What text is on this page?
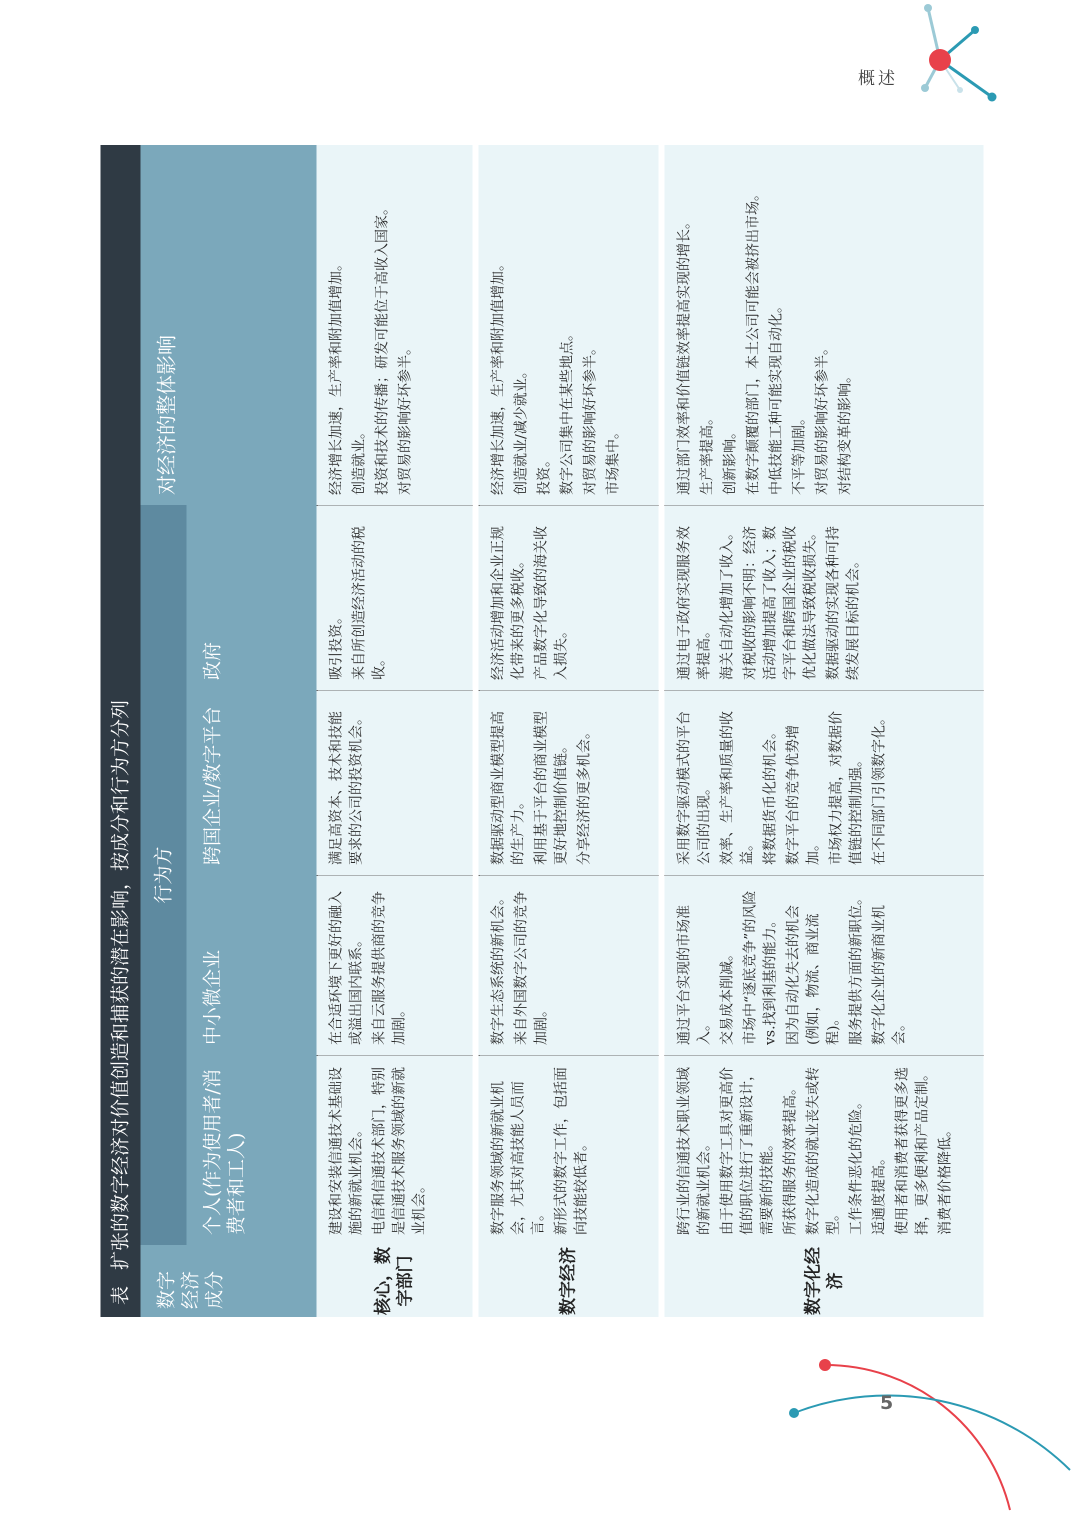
概述
5
表扩张的数字经济对价值创造和捕获的潜在影响，按成分和行为方分列
数字经济成分
行为方
个人(作为使用者/消费者和工人)
中小微企业
跨国企业/数字平台
政府
对经济的整体影响
核心，数字部门

建设和安装信通技术基础设施的新就业机会。 电信和信通技术部门，特别是信通技术服务领域的新就业机会。

在合适环境下更好的融入或溢出国内联系。 来自云服务提供商的竞争加剧。

满足高资本、技术和技能要求的公司的投资机会。

吸引投资。 来自所创造经济活动的税收。

经济增长加速，生产率和附加值增加。 创造就业。 投资和技术的传播；研发可能位于高收入国家。 对贸易的影响好坏参半。

数字经济

数字服务领域的新就业机会，尤其对高技能人员而言。 新形式的数字工作，包括面向技能较低者。

数字生态系统的新机会。 来自外国数字公司的竞争加剧。

数据驱动型商业模型提高的生产力。 利用基于平台的商业模型更好地控制价值链。 分享经济的更多机会。

经济活动增加和企业正规化带来的更多税收。 产品数字化导致的海关收入损失。

经济增长加速，生产率和附加值增加。 创造就业/减少就业。 投资。 数字公司集中在某些地点。 对贸易的影响好坏参半。 市场集中。

数字化经济

跨行业的信通技术职业领域的新就业机会。 由于使用数字工具对更高价值的职位进行了重新设计，需要新的技能。 所获得服务的效率提高。 数字化造成的就业丧失或转型。 工作条件恶化的危险。 适通度提高。 使用者和消费者获得更多选择，更多便利和产品定制。 消费者价格降低。

通过平台实现的市场准入。 交易成本削减。 市场中“逐底竞争”的风险vs.找到利基的能力。 因为自动化失去的机会(例如，物流、商业流程)。 服务提供方面的新职位。 数字化企业的新商业机会。

采用数字驱动模式的平台公司的出现。 效率、生产率和质量的收益。 将数据货币化的机会。 数字平台的竞争优势增加。 市场权力提高，对数据价值链的控制加强。 在不同部门引领数字化。

通过电子政府实现服务效率提高。 海关自动化增加了收入。 对税收的影响不明：经济活动增加提高了收入；数字平台和跨国企业的税收优化做法导致税收损失。 数据驱动的实现各种可持续发展目标的机会。

通过部门效率和价值链效率提高实现的增长。 生产率提高。 创新影响。 在数字颠覆的部门，本土公司可能会被挤出市场。 中低技能工种可能实现自动化。 不平等加剧。 对贸易的影响好坏参半。 对结构变革的影响。
